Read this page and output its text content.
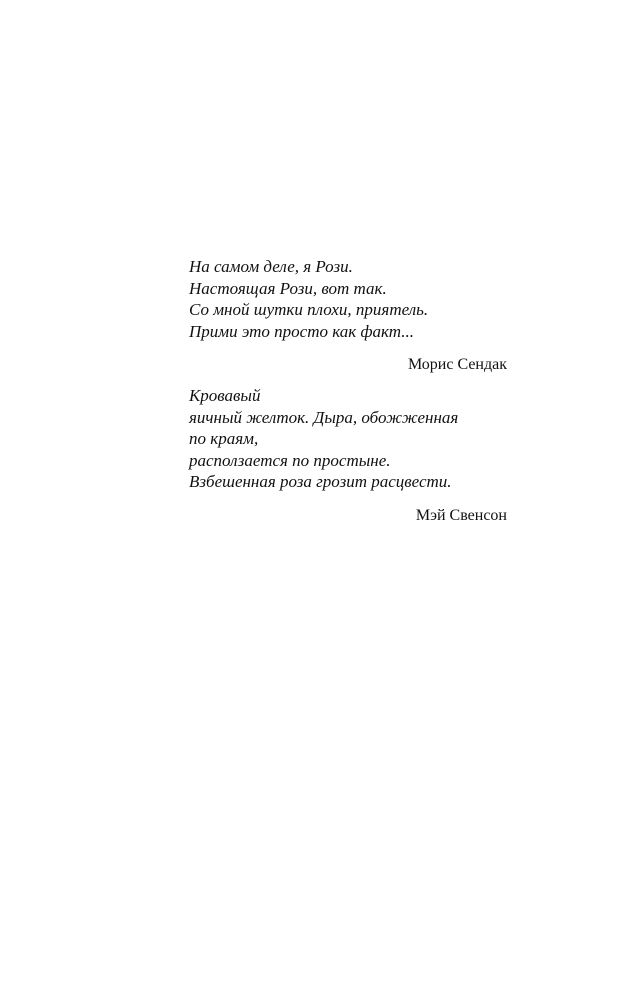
На самом деле, я Рози.
Настоящая Рози, вот так.
Со мной шутки плохи, приятель.
Прими это просто как факт...
Морис Сендак
Кровавый
яичный желток. Дыра, обожженная
по краям,
расползается по простыне.
Взбешенная роза грозит расцвести.
Мэй Свенсон
